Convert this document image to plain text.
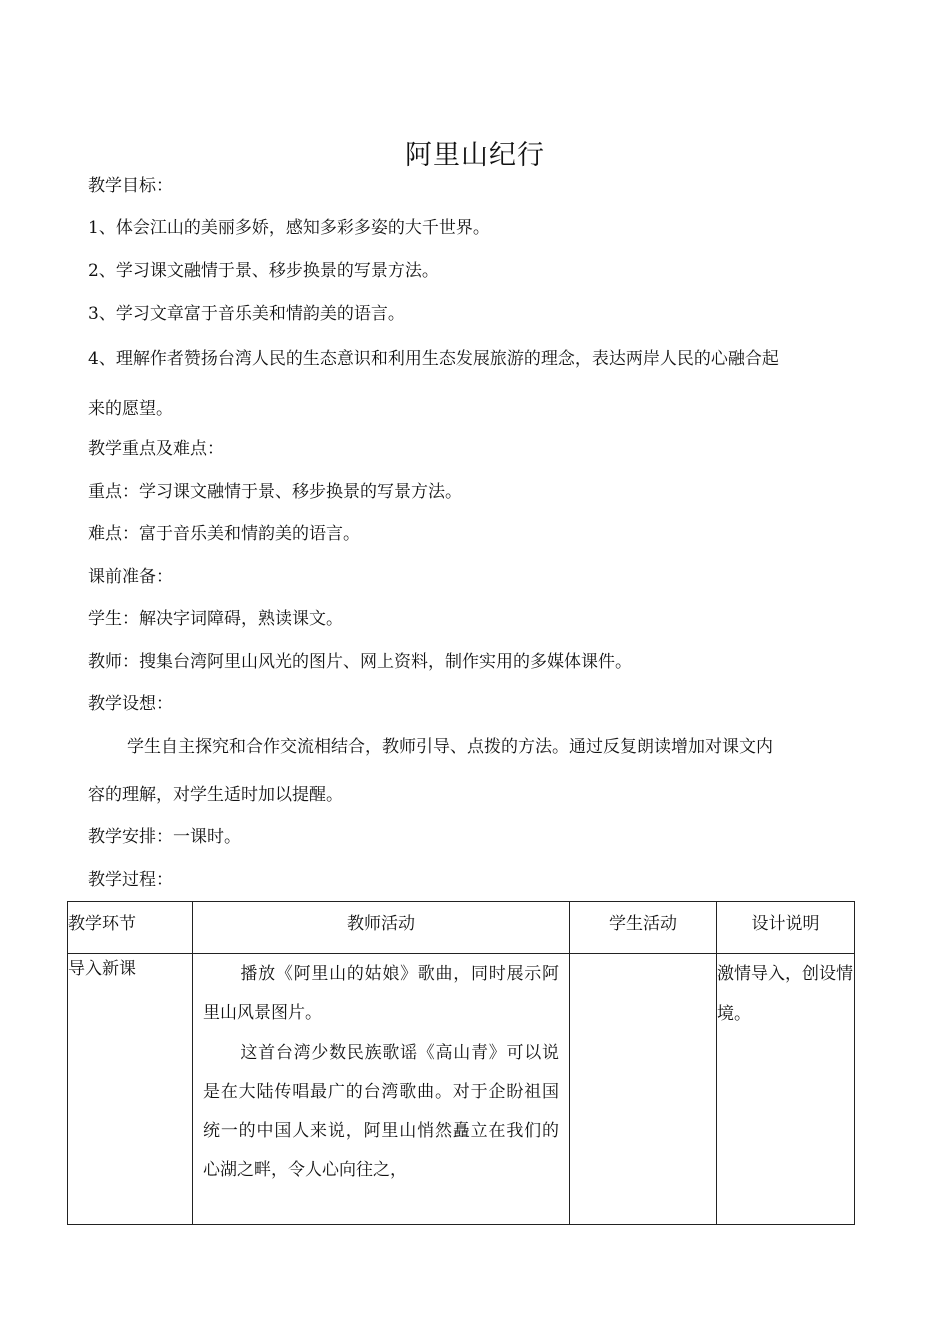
阿里山纪行
教学目标：
1、体会江山的美丽多娇，感知多彩多姿的大千世界。
2、学习课文融情于景、移步换景的写景方法。
3、学习文章富于音乐美和情韵美的语言。
4、理解作者赞扬台湾人民的生态意识和利用生态发展旅游的理念，表达两岸人民的心融合起
来的愿望。
教学重点及难点：
重点：学习课文融情于景、移步换景的写景方法。
难点：富于音乐美和情韵美的语言。
课前准备：
学生：解决字词障碍，熟读课文。
教师：搜集台湾阿里山风光的图片、网上资料，制作实用的多媒体课件。
教学设想：
学生自主探究和合作交流相结合，教师引导、点拨的方法。通过反复朗读增加对课文内
容的理解，对学生适时加以提醒。
教学安排：一课时。
教学过程：
教学环节	教师活动	学生活动	设计说明
导入新课	播放《阿里山的姑娘》歌曲，同时展示阿里山风景图片。

这首台湾少数民族歌谣《高山青》可以说是在大陆传唱最广的台湾歌曲。对于企盼祖国统一的中国人来说，阿里山悄然矗立在我们的心湖之畔，令人心向往之，		激情导入，创设情境。
